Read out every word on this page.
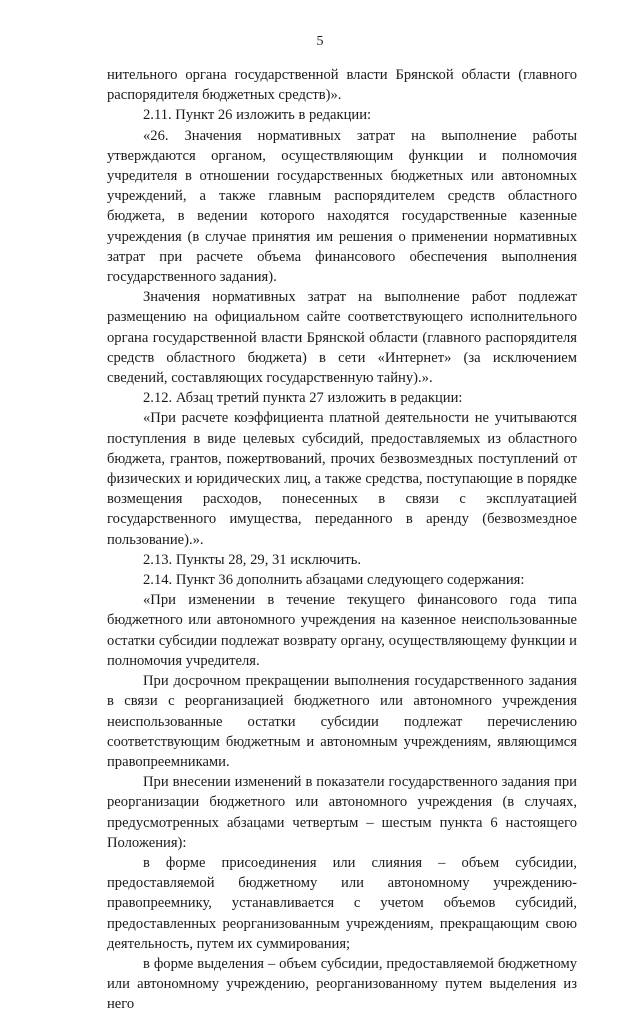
5

нительного органа государственной власти Брянской области (главного распорядителя бюджетных средств)».

2.11. Пункт 26 изложить в редакции:

«26. Значения нормативных затрат на выполнение работы утверждаются органом, осуществляющим функции и полномочия учредителя в отношении государственных бюджетных или автономных учреждений, а также главным распорядителем средств областного бюджета, в ведении которого находятся государственные казенные учреждения (в случае принятия им решения о применении нормативных затрат при расчете объема финансового обеспечения выполнения государственного задания).

Значения нормативных затрат на выполнение работ подлежат размещению на официальном сайте соответствующего исполнительного органа государственной власти Брянской области (главного распорядителя средств областного бюджета) в сети «Интернет» (за исключением сведений, составляющих государственную тайну).».

2.12. Абзац третий пункта 27 изложить в редакции:

«При расчете коэффициента платной деятельности не учитываются поступления в виде целевых субсидий, предоставляемых из областного бюджета, грантов, пожертвований, прочих безвозмездных поступлений от физических и юридических лиц, а также средства, поступающие в порядке возмещения расходов, понесенных в связи с эксплуатацией государственного имущества, переданного в аренду (безвозмездное пользование).».

2.13. Пункты 28, 29, 31 исключить.

2.14. Пункт 36 дополнить абзацами следующего содержания:

«При изменении в течение текущего финансового года типа бюджетного или автономного учреждения на казенное неиспользованные остатки субсидии подлежат возврату органу, осуществляющему функции и полномочия учредителя.

При досрочном прекращении выполнения государственного задания в связи с реорганизацией бюджетного или автономного учреждения неиспользованные остатки субсидии подлежат перечислению соответствующим бюджетным и автономным учреждениям, являющимся правопреемниками.

При внесении изменений в показатели государственного задания при реорганизации бюджетного или автономного учреждения (в случаях, предусмотренных абзацами четвертым – шестым пункта 6 настоящего Положения):

в форме присоединения или слияния – объем субсидии, предоставляемой бюджетному или автономному учреждению-правопреемнику, устанавливается с учетом объемов субсидий, предоставленных реорганизованным учреждениям, прекращающим свою деятельность, путем их суммирования;

в форме выделения – объем субсидии, предоставляемой бюджетному или автономному учреждению, реорганизованному путем выделения из него
